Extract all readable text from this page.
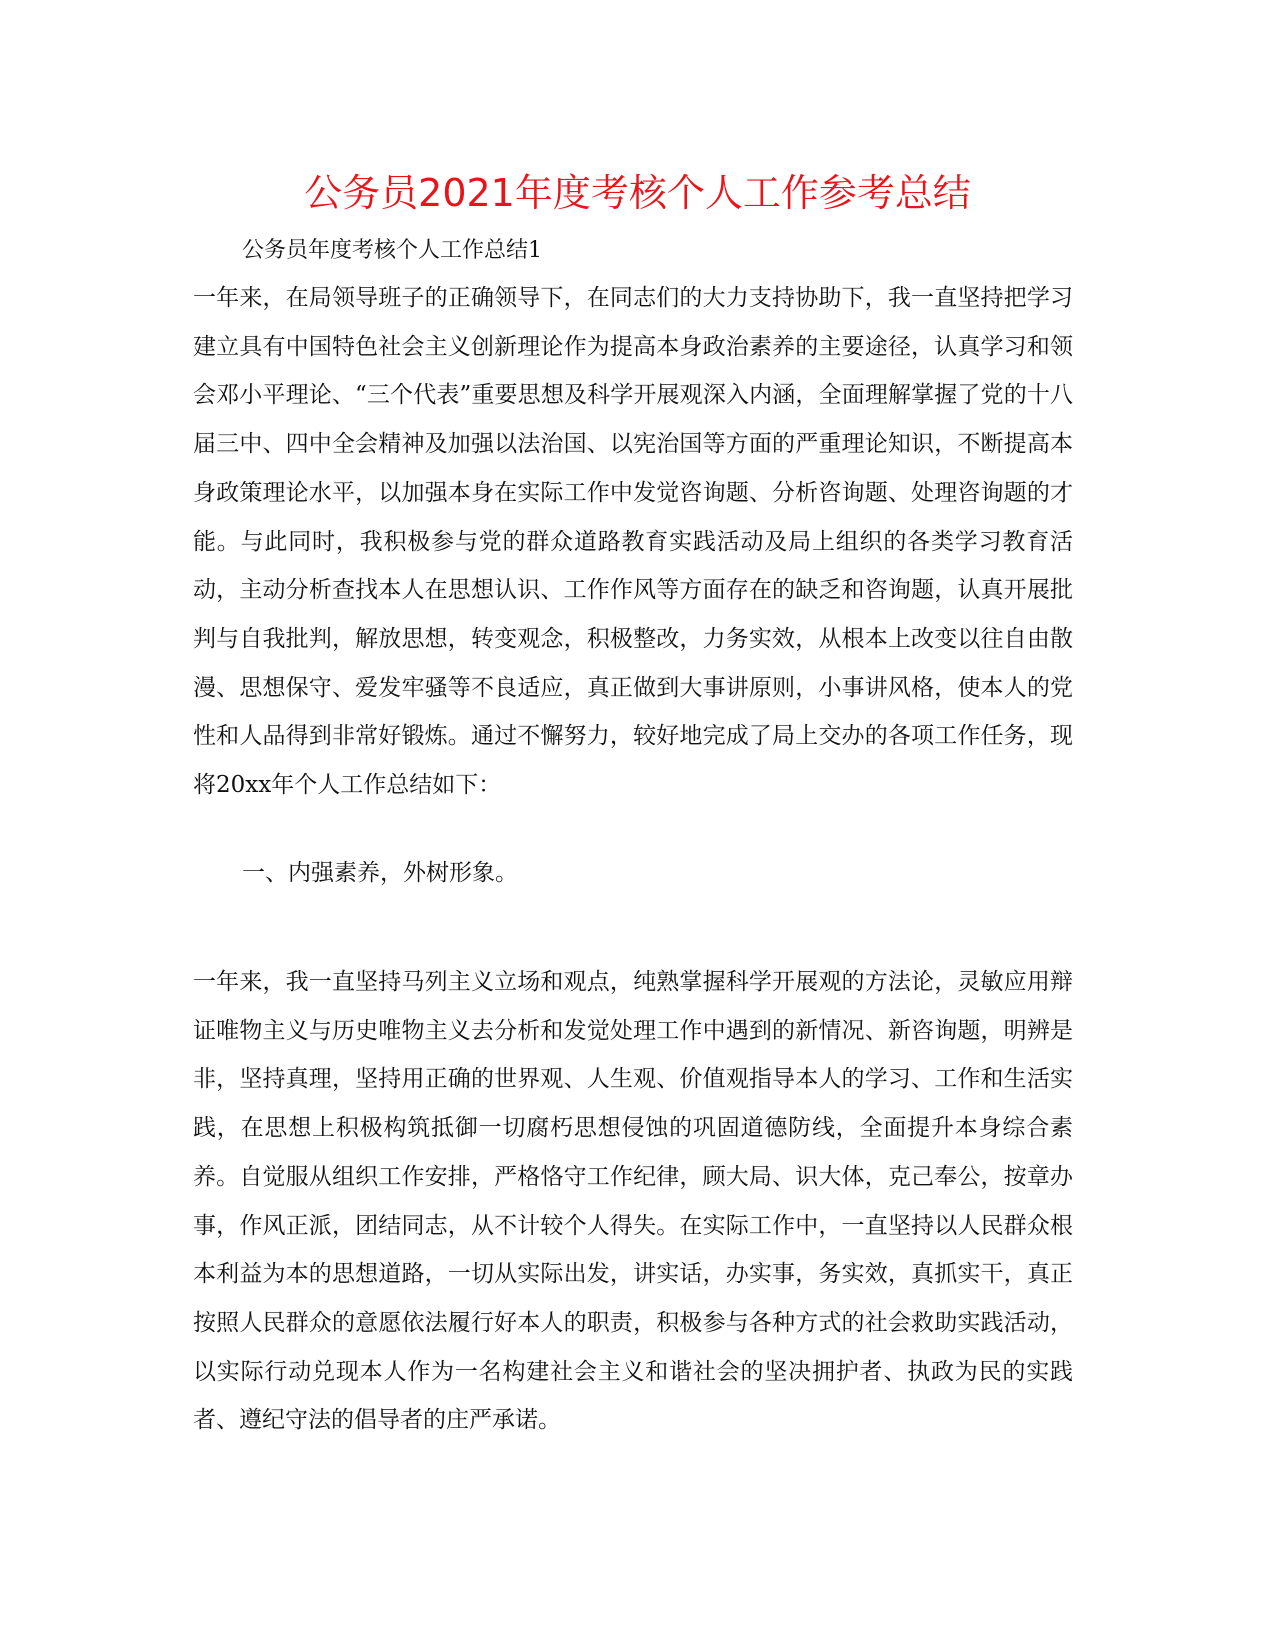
公务员2021年度考核个人工作参考总结

公务员年度考核个人工作总结1

一年来，在局领导班子的正确领导下，在同志们的大力支持协助下，我一直坚持把学习建立具有中国特色社会主义创新理论作为提高本身政治素养的主要途径，认真学习和领会邓小平理论、“三个代表”重要思想及科学开展观深入内涵，全面理解掌握了党的十八届三中、四中全会精神及加强以法治国、以宪治国等方面的严重理论知识，不断提高本身政策理论水平，以加强本身在实际工作中发觉咨询题、分析咨询题、处理咨询题的才能。与此同时，我积极参与党的群众道路教育实践活动及局上组织的各类学习教育活动，主动分析查找本人在思想认识、工作作风等方面存在的缺乏和咨询题，认真开展批判与自我批判，解放思想，转变观念，积极整改，力务实效，从根本上改变以往自由散漫、思想保守、爱发牢骚等不良适应，真正做到大事讲原则，小事讲风格，使本人的党性和人品得到非常好锻炼。通过不懈努力，较好地完成了局上交办的各项工作任务，现将20xx年个人工作总结如下：

一、内强素养，外树形象。

一年来，我一直坚持马列主义立场和观点，纯熟掌握科学开展观的方法论，灵敏应用辩证唯物主义与历史唯物主义去分析和发觉处理工作中遇到的新情况、新咨询题，明辨是非，坚持真理，坚持用正确的世界观、人生观、价值观指导本人的学习、工作和生活实践，在思想上积极构筑抵御一切腐朽思想侵蚀的巩固道德防线，全面提升本身综合素养。自觉服从组织工作安排，严格恪守工作纪律，顾大局、识大体，克己奉公，按章办事，作风正派，团结同志，从不计较个人得失。在实际工作中，一直坚持以人民群众根本利益为本的思想道路，一切从实际出发，讲实话，办实事，务实效，真抓实干，真正按照人民群众的意愿依法履行好本人的职责，积极参与各种方式的社会救助实践活动，以实际行动兑现本人作为一名构建社会主义和谐社会的坚决拥护者、执政为民的实践者、遵纪守法的倡导者的庄严承诺。
